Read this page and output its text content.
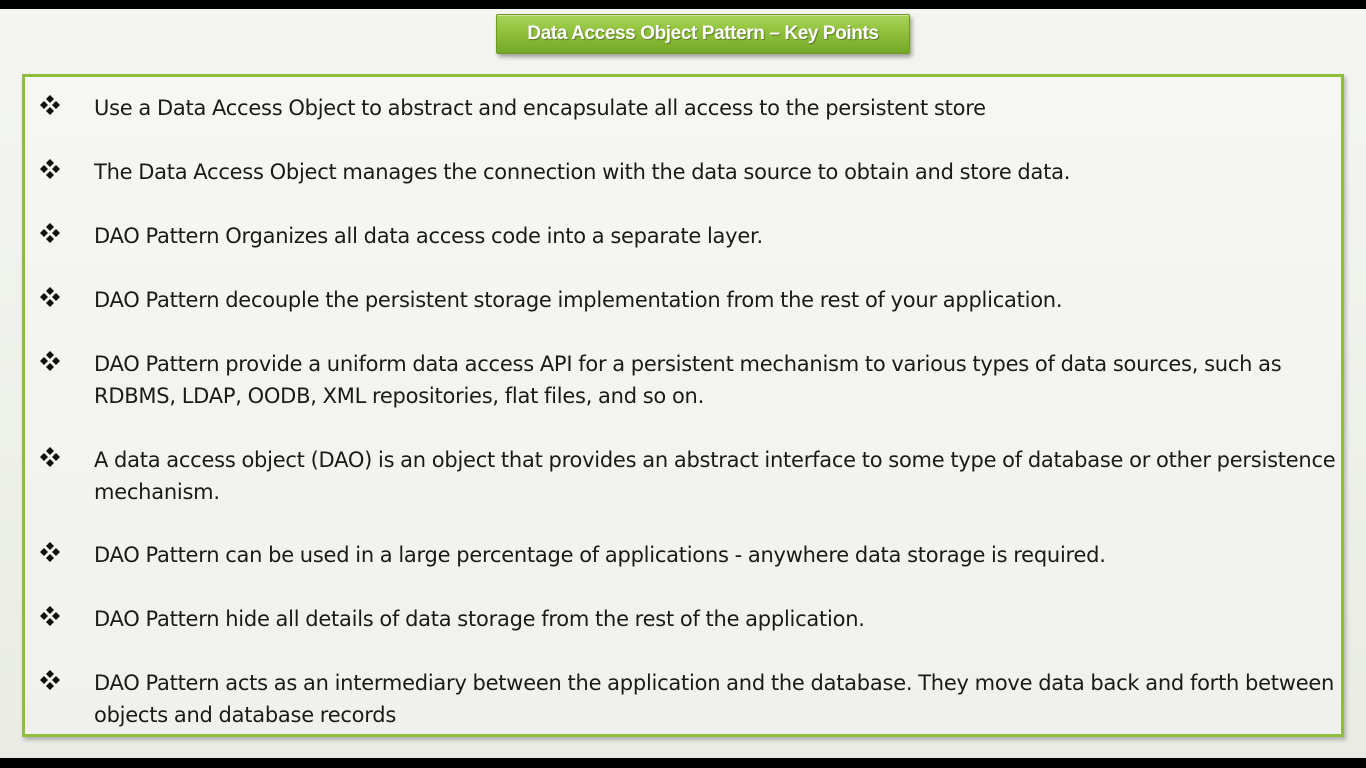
Data Access Object Pattern – Key Points

Use a Data Access Object to abstract and encapsulate all access to the persistent store

The Data Access Object manages the connection with the data source to obtain and store data.

DAO Pattern Organizes all data access code into a separate layer.

DAO Pattern decouple the persistent storage implementation from the rest of your application.

DAO Pattern provide a uniform data access API for a persistent mechanism to various types of data sources, such as RDBMS, LDAP, OODB, XML repositories, flat files, and so on.

A data access object (DAO) is an object that provides an abstract interface to some type of database or other persistence mechanism.

DAO Pattern can be used in a large percentage of applications - anywhere data storage is required.

DAO Pattern hide all details of data storage from the rest of the application.

DAO Pattern acts as an intermediary between the application and the database. They move data back and forth between objects and database records
